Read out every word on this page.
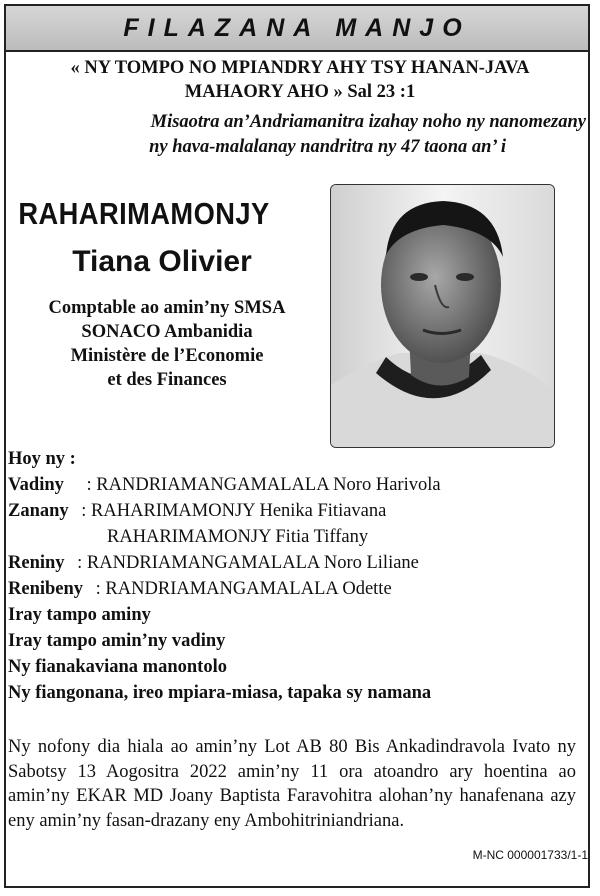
FILAZANA MANJO
« NY TOMPO NO MPIANDRY AHY TSY HANAN-JAVA
MAHAORY AHO » Sal 23 :1
Misaotra an’Andriamanitra izahay noho ny nanomezany
ny hava-malalanay nandritra ny 47 taona an’ i
RAHARIMAMONJY
Tiana Olivier
Comptable ao amin’ny SMSA
SONACO Ambanidia
Ministère de l’Economie
et des Finances
Hoy ny :
Vadiny : RANDRIAMANGAMALALA Noro Harivola
Zanany : RAHARIMAMONJY Henika Fitiavana
RAHARIMAMONJY Fitia Tiffany
Reniny : RANDRIAMANGAMALALA Noro Liliane
Renibeny : RANDRIAMANGAMALALA Odette
Iray tampo aminy
Iray tampo amin’ny vadiny
Ny fianakaviana manontolo
Ny fiangonana, ireo mpiara-miasa, tapaka sy namana
Ny nofony dia hiala ao amin’ny Lot AB 80 Bis Ankadindravola Ivato ny Sabotsy 13 Aogositra 2022 amin’ny 11 ora atoandro ary hoentina ao amin’ny EKAR MD Joany Baptista Faravohitra alohan’ny hanafenana azy eny amin’ny fasan-drazany eny Ambohitriniandriana.
M-NC 000001733/1-1
